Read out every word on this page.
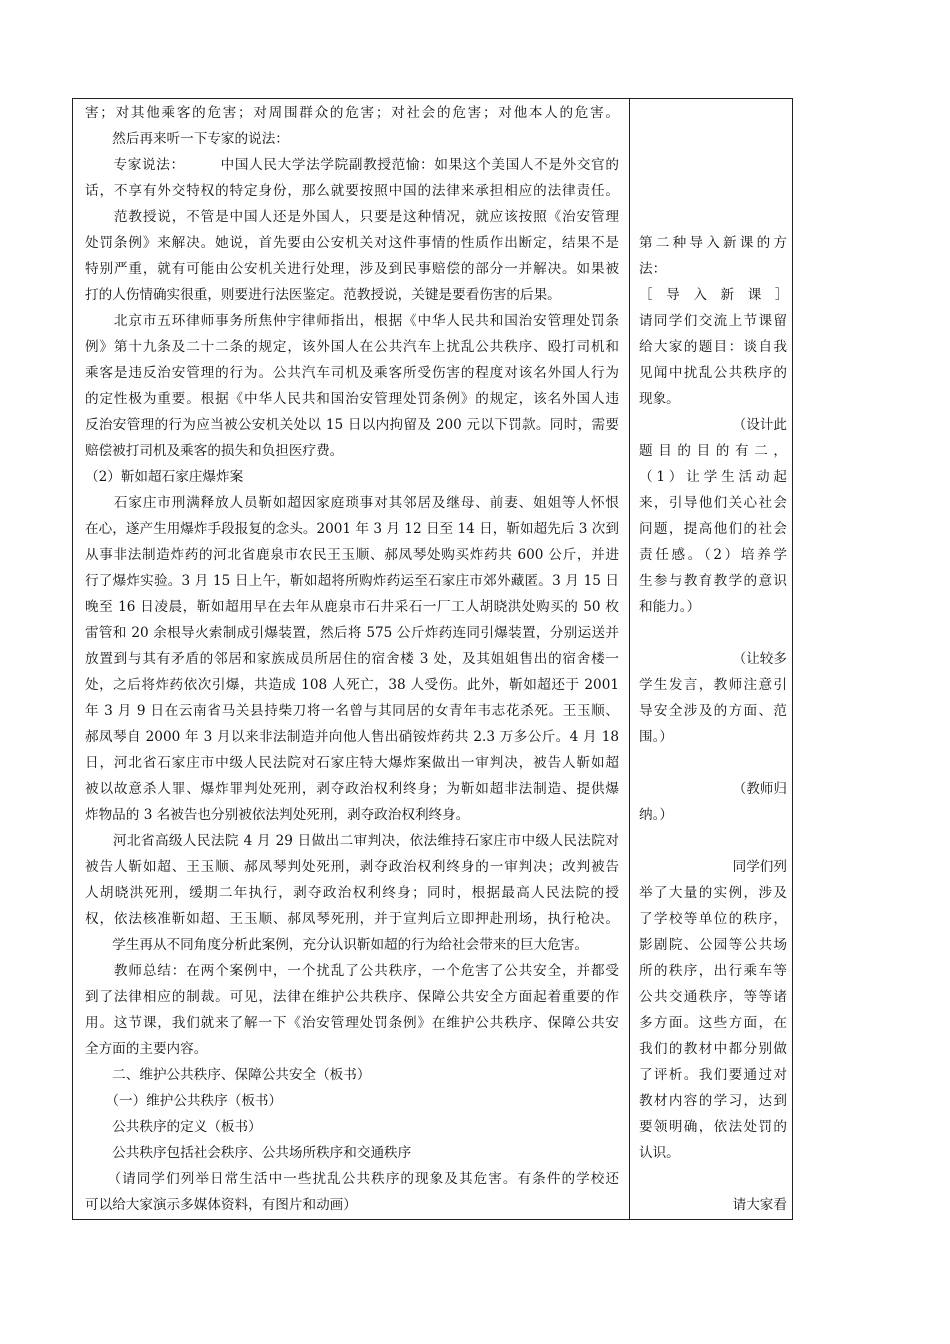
害；对其他乘客的危害；对周围群众的危害；对社会的危害；对他本人的危害。
　　然后再来听一下专家的说法：
　　专家说法：　　　中国人民大学法学院副教授范愉：如果这个美国人不是外交官的
话，不享有外交特权的特定身份，那么就要按照中国的法律来承担相应的法律责任。
　　范教授说，不管是中国人还是外国人，只要是这种情况，就应该按照《治安管理
处罚条例》来解决。她说，首先要由公安机关对这件事情的性质作出断定，结果不是
特别严重，就有可能由公安机关进行处理，涉及到民事赔偿的部分一并解决。如果被
打的人伤情确实很重，则要进行法医鉴定。范教授说，关键是要看伤害的后果。
　　北京市五环律师事务所焦仲宇律师指出，根据《中华人民共和国治安管理处罚条
例》第十九条及二十二条的规定，该外国人在公共汽车上扰乱公共秩序、殴打司机和
乘客是违反治安管理的行为。公共汽车司机及乘客所受伤害的程度对该名外国人行为
的定性极为重要。根据《中华人民共和国治安管理处罚条例》的规定，该名外国人违
反治安管理的行为应当被公安机关处以 15 日以内拘留及 200 元以下罚款。同时，需要
赔偿被打司机及乘客的损失和负担医疗费。
（2）靳如超石家庄爆炸案
　　石家庄市刑满释放人员靳如超因家庭琐事对其邻居及继母、前妻、姐姐等人怀恨
在心，遂产生用爆炸手段报复的念头。2001 年 3 月 12 日至 14 日，靳如超先后 3 次到
从事非法制造炸药的河北省鹿泉市农民王玉顺、郝凤琴处购买炸药共 600 公斤，并进
行了爆炸实验。3 月 15 日上午，靳如超将所购炸药运至石家庄市郊外藏匿。3 月 15 日
晚至 16 日凌晨，靳如超用早在去年从鹿泉市石井采石一厂工人胡晓洪处购买的 50 枚
雷管和 20 余根导火索制成引爆装置，然后将 575 公斤炸药连同引爆装置，分别运送并
放置到与其有矛盾的邻居和家族成员所居住的宿舍楼 3 处，及其姐姐售出的宿舍楼一
处，之后将炸药依次引爆，共造成 108 人死亡，38 人受伤。此外，靳如超还于 2001
年 3 月 9 日在云南省马关县持柴刀将一名曾与其同居的女青年韦志花杀死。王玉顺、
郝凤琴自 2000 年 3 月以来非法制造并向他人售出硝铵炸药共 2.3 万多公斤。4 月 18
日，河北省石家庄市中级人民法院对石家庄特大爆炸案做出一审判决，被告人靳如超
被以故意杀人罪、爆炸罪判处死刑，剥夺政治权利终身；为靳如超非法制造、提供爆
炸物品的 3 名被告也分别被依法判处死刑，剥夺政治权利终身。
　　河北省高级人民法院 4 月 29 日做出二审判决，依法维持石家庄市中级人民法院对
被告人靳如超、王玉顺、郝凤琴判处死刑，剥夺政治权利终身的一审判决；改判被告
人胡晓洪死刑，缓期二年执行，剥夺政治权利终身；同时，根据最高人民法院的授
权，依法核准靳如超、王玉顺、郝凤琴死刑，并于宣判后立即押赴刑场，执行枪决。
　　学生再从不同角度分析此案例，充分认识靳如超的行为给社会带来的巨大危害。
　　教师总结：在两个案例中，一个扰乱了公共秩序，一个危害了公共安全，并都受
到了法律相应的制裁。可见，法律在维护公共秩序、保障公共安全方面起着重要的作
用。这节课，我们就来了解一下《治安管理处罚条例》在维护公共秩序、保障公共安
全方面的主要内容。
　　二、维护公共秩序、保障公共安全（板书）
　　（一）维护公共秩序（板书）
　　公共秩序的定义（板书）
　　公共秩序包括社会秩序、公共场所秩序和交通秩序
　　（请同学们列举日常生活中一些扰乱公共秩序的现象及其危害。有条件的学校还
可以给大家演示多媒体资料，有图片和动画）
第二种导入新课的方
法：
［　导　入　新　课　］
请同学们交流上节课留
给大家的题目：谈自我
见闻中扰乱公共秩序的
现象。
（设计此
题目的目的有二，
（1）让学生活动起
来，引导他们关心社会
问题，提高他们的社会
责任感。（2）培养学
生参与教育教学的意识
和能力。）
（让较多
学生发言，教师注意引
导安全涉及的方面、范
围。）
（教师归
纳。）
同学们列
举了大量的实例，涉及
了学校等单位的秩序，
影剧院、公园等公共场
所的秩序，出行乘车等
公共交通秩序，等等诸
多方面。这些方面，在
我们的教材中都分别做
了评析。我们要通过对
教材内容的学习，达到
要领明确，依法处罚的
认识。
请大家看
